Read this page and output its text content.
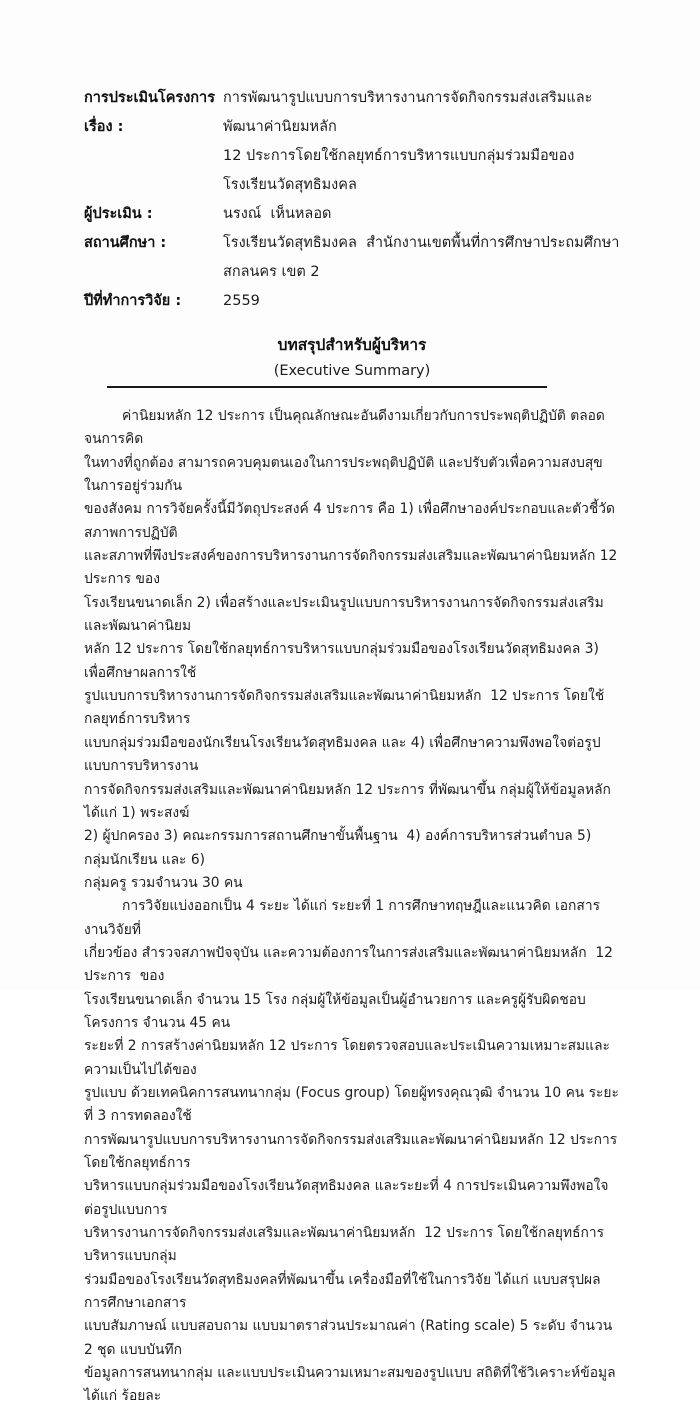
การประเมินโครงการเรื่อง :
การพัฒนารูปแบบการบริหารงานการจัดกิจกรรมส่งเสริมและพัฒนาค่านิยมหลัก
12 ประการโดยใช้กลยุทธ์การบริหารแบบกลุ่มร่วมมือของโรงเรียนวัดสุทธิมงคล
ผู้ประเมิน :	นรงณ์  เห็นหลอด
สถานศึกษา :	โรงเรียนวัดสุทธิมงคล  สำนักงานเขตพื้นที่การศึกษาประถมศึกษา
สกลนคร เขต 2
ปีที่ทำการวิจัย :	2559
บทสรุปสำหรับผู้บริหาร
(Executive Summary)
ค่านิยมหลัก 12 ประการ เป็นคุณลักษณะอันดีงามเกี่ยวกับการประพฤติปฏิบัติ ตลอดจนการคิด
ในทางที่ถูกต้อง สามารถควบคุมตนเองในการประพฤติปฏิบัติ และปรับตัวเพื่อความสงบสุข ในการอยู่ร่วมกัน
ของสังคม การวิจัยครั้งนี้มีวัตถุประสงค์ 4 ประการ คือ 1) เพื่อศึกษาองค์ประกอบและตัวชี้วัด สภาพการปฏิบัติ
และสภาพที่พึงประสงค์ของการบริหารงานการจัดกิจกรรมส่งเสริมและพัฒนาค่านิยมหลัก 12 ประการ ของ
โรงเรียนขนาดเล็ก 2) เพื่อสร้างและประเมินรูปแบบการบริหารงานการจัดกิจกรรมส่งเสริมและพัฒนาค่านิยม
หลัก 12 ประการ โดยใช้กลยุทธ์การบริหารแบบกลุ่มร่วมมือของโรงเรียนวัดสุทธิมงคล 3) เพื่อศึกษาผลการใช้
รูปแบบการบริหารงานการจัดกิจกรรมส่งเสริมและพัฒนาค่านิยมหลัก  12 ประการ โดยใช้กลยุทธ์การบริหาร
แบบกลุ่มร่วมมือของนักเรียนโรงเรียนวัดสุทธิมงคล และ 4) เพื่อศึกษาความพึงพอใจต่อรูปแบบการบริหารงาน
การจัดกิจกรรมส่งเสริมและพัฒนาค่านิยมหลัก 12 ประการ ที่พัฒนาขึ้น กลุ่มผู้ให้ข้อมูลหลัก ได้แก่ 1) พระสงฆ์
2) ผู้ปกครอง 3) คณะกรรมการสถานศึกษาขั้นพื้นฐาน  4) องค์การบริหารส่วนตำบล 5) กลุ่มนักเรียน และ 6)
กลุ่มครู รวมจำนวน 30 คน
การวิจัยแบ่งออกเป็น 4 ระยะ ได้แก่ ระยะที่ 1 การศึกษาทฤษฎีและแนวคิด เอกสารงานวิจัยที่
เกี่ยวข้อง สำรวจสภาพปัจจุบัน และความต้องการในการส่งเสริมและพัฒนาค่านิยมหลัก  12 ประการ  ของ
โรงเรียนขนาดเล็ก จำนวน 15 โรง กลุ่มผู้ให้ข้อมูลเป็นผู้อำนวยการ และครูผู้รับผิดชอบโครงการ จำนวน 45 คน
ระยะที่ 2 การสร้างค่านิยมหลัก 12 ประการ โดยตรวจสอบและประเมินความเหมาะสมและความเป็นไปได้ของ
รูปแบบ ด้วยเทคนิคการสนทนากลุ่ม (Focus group) โดยผู้ทรงคุณวุฒิ จำนวน 10 คน ระยะที่ 3 การทดลองใช้
การพัฒนารูปแบบการบริหารงานการจัดกิจกรรมส่งเสริมและพัฒนาค่านิยมหลัก 12 ประการ โดยใช้กลยุทธ์การ
บริหารแบบกลุ่มร่วมมือของโรงเรียนวัดสุทธิมงคล และระยะที่ 4 การประเมินความพึงพอใจต่อรูปแบบการ
บริหารงานการจัดกิจกรรมส่งเสริมและพัฒนาค่านิยมหลัก  12 ประการ โดยใช้กลยุทธ์การบริหารแบบกลุ่ม
ร่วมมือของโรงเรียนวัดสุทธิมงคลที่พัฒนาขึ้น เครื่องมือที่ใช้ในการวิจัย ได้แก่ แบบสรุปผลการศึกษาเอกสาร
แบบสัมภาษณ์ แบบสอบถาม แบบมาตราส่วนประมาณค่า (Rating scale) 5 ระดับ จำนวน 2 ชุด แบบบันทึก
ข้อมูลการสนทนากลุ่ม และแบบประเมินความเหมาะสมของรูปแบบ สถิติที่ใช้วิเคราะห์ข้อมูล ได้แก่ ร้อยละ
